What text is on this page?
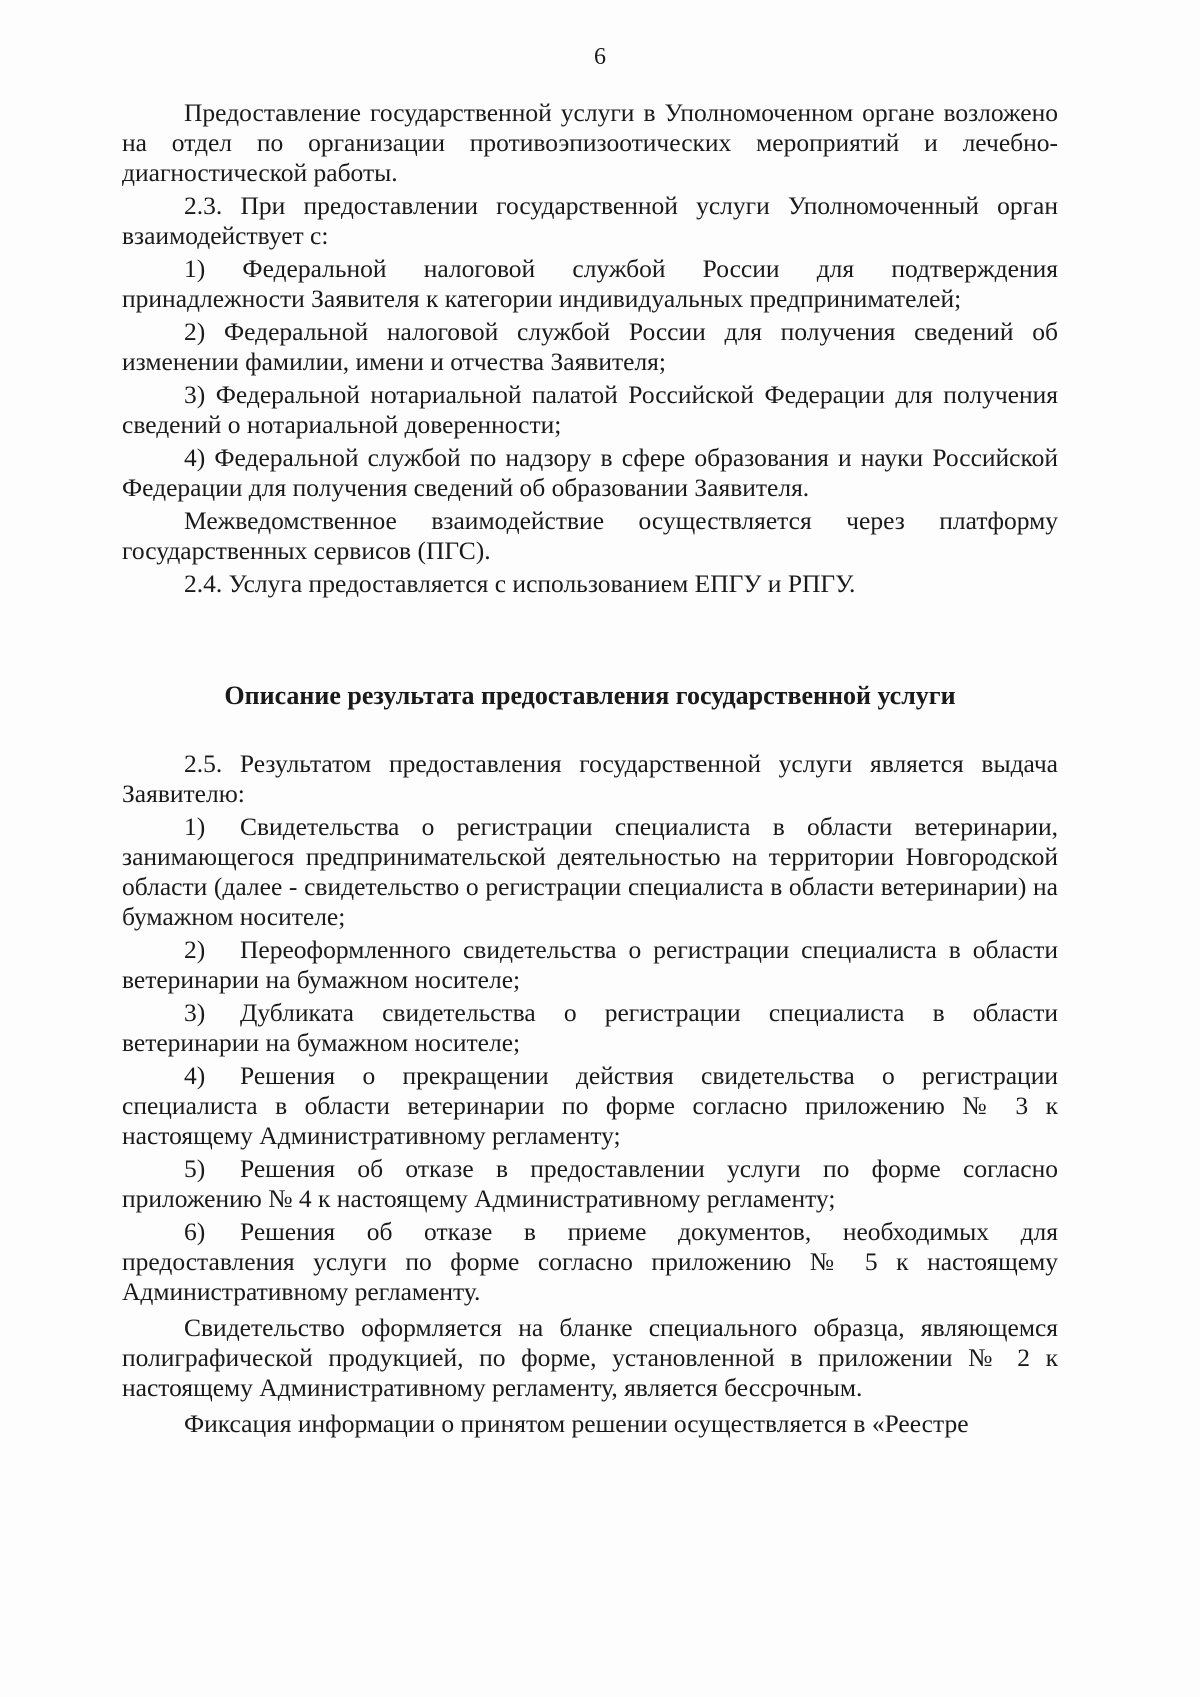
6

Предоставление государственной услуги в Уполномоченном органе возложено на отдел по организации противоэпизоотических мероприятий и лечебно-диагностической работы.

2.3. При предоставлении государственной услуги Уполномоченный орган взаимодействует с:

1) Федеральной налоговой службой России для подтверждения принадлежности Заявителя к категории индивидуальных предпринимателей;

2) Федеральной налоговой службой России для получения сведений об изменении фамилии, имени и отчества Заявителя;

3) Федеральной нотариальной палатой Российской Федерации для получения сведений о нотариальной доверенности;

4) Федеральной службой по надзору в сфере образования и науки Российской Федерации для получения сведений об образовании Заявителя.

Межведомственное взаимодействие осуществляется через платформу государственных сервисов (ПГС).

2.4. Услуга предоставляется с использованием ЕПГУ и РПГУ.

Описание результата предоставления государственной услуги

2.5. Результатом предоставления государственной услуги является выдача Заявителю:

1) Свидетельства о регистрации специалиста в области ветеринарии, занимающегося предпринимательской деятельностью на территории Новгородской области (далее - свидетельство о регистрации специалиста в области ветеринарии) на бумажном носителе;

2) Переоформленного свидетельства о регистрации специалиста в области ветеринарии на бумажном носителе;

3) Дубликата свидетельства о регистрации специалиста в области ветеринарии на бумажном носителе;

4) Решения о прекращении действия свидетельства о регистрации специалиста в области ветеринарии по форме согласно приложению № 3 к настоящему Административному регламенту;

5) Решения об отказе в предоставлении услуги по форме согласно приложению № 4 к настоящему Административному регламенту;

6) Решения об отказе в приеме документов, необходимых для предоставления услуги по форме согласно приложению № 5 к настоящему Административному регламенту.

Свидетельство оформляется на бланке специального образца, являющемся полиграфической продукцией, по форме, установленной в приложении № 2 к настоящему Административному регламенту, является бессрочным.

Фиксация информации о принятом решении осуществляется в «Реестре
